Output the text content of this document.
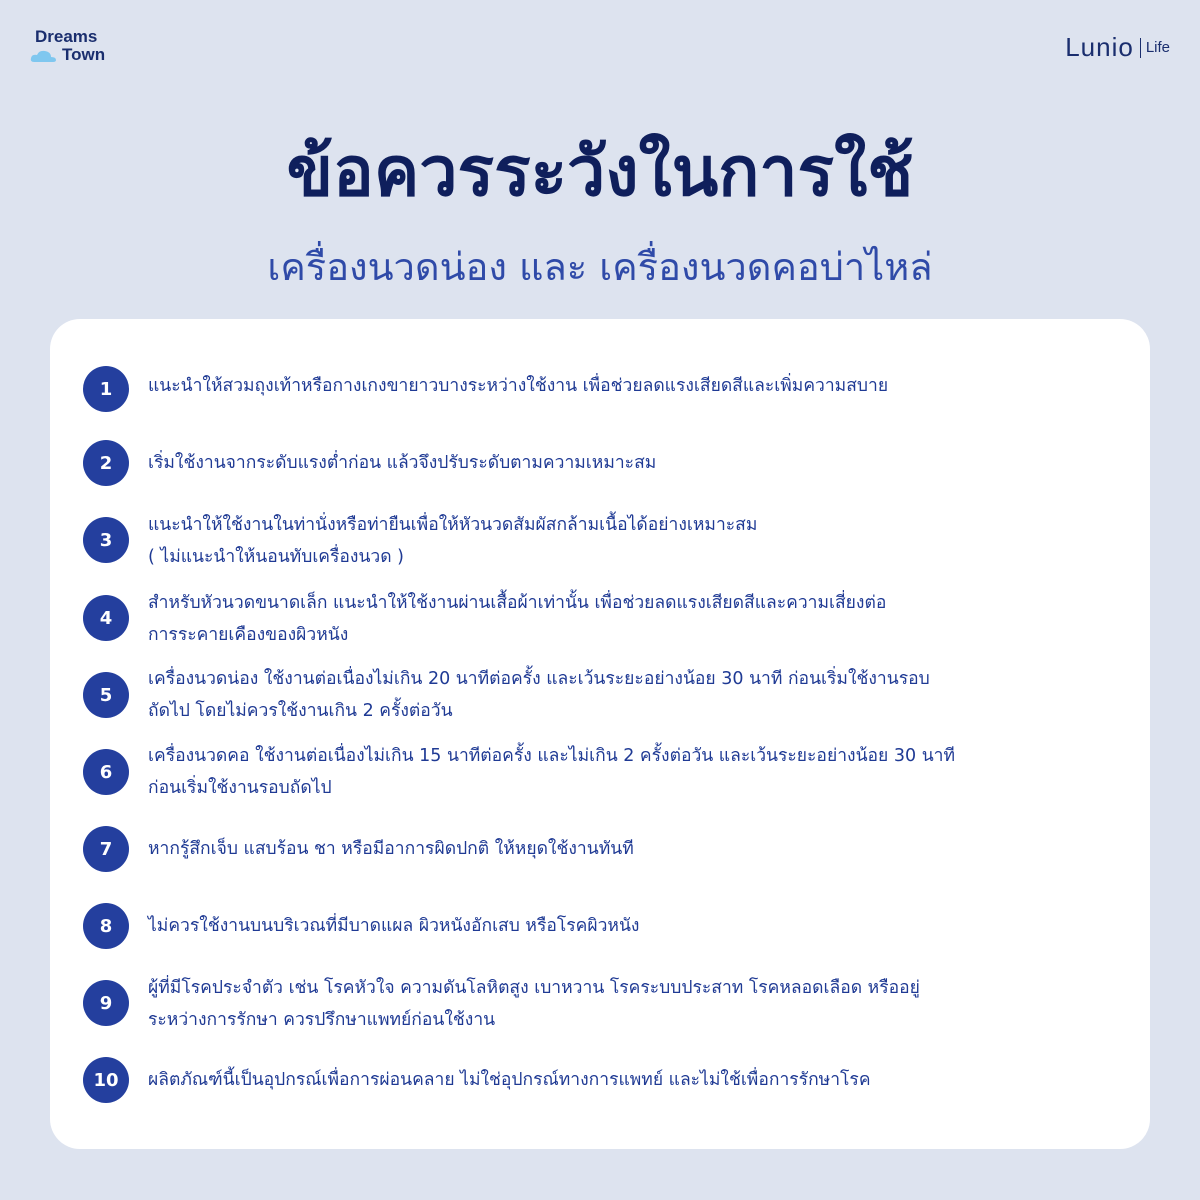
Dreams
Town	Lunio Life
ข้อควรระวังในการใช้
เครื่องนวดน่อง และ เครื่องนวดคอบ่าไหล่
1	แนะนำให้สวมถุงเท้าหรือกางเกงขายาวบางระหว่างใช้งาน เพื่อช่วยลดแรงเสียดสีและเพิ่มความสบาย
2	เริ่มใช้งานจากระดับแรงต่ำก่อน แล้วจึงปรับระดับตามความเหมาะสม
3
แนะนำให้ใช้งานในท่านั่งหรือท่ายืนเพื่อให้หัวนวดสัมผัสกล้ามเนื้อได้อย่างเหมาะสม
( ไม่แนะนำให้นอนทับเครื่องนวด )
4
สำหรับหัวนวดขนาดเล็ก แนะนำให้ใช้งานผ่านเสื้อผ้าเท่านั้น เพื่อช่วยลดแรงเสียดสีและความเสี่ยงต่อ
การระคายเคืองของผิวหนัง
5
เครื่องนวดน่อง ใช้งานต่อเนื่องไม่เกิน 20 นาทีต่อครั้ง และเว้นระยะอย่างน้อย 30 นาที ก่อนเริ่มใช้งานรอบ
ถัดไป โดยไม่ควรใช้งานเกิน 2 ครั้งต่อวัน
6
เครื่องนวดคอ ใช้งานต่อเนื่องไม่เกิน 15 นาทีต่อครั้ง และไม่เกิน 2 ครั้งต่อวัน และเว้นระยะอย่างน้อย 30 นาที
ก่อนเริ่มใช้งานรอบถัดไป
7	หากรู้สึกเจ็บ แสบร้อน ชา หรือมีอาการผิดปกติ ให้หยุดใช้งานทันที
8	ไม่ควรใช้งานบนบริเวณที่มีบาดแผล ผิวหนังอักเสบ หรือโรคผิวหนัง
9
ผู้ที่มีโรคประจำตัว เช่น โรคหัวใจ ความดันโลหิตสูง เบาหวาน โรคระบบประสาท โรคหลอดเลือด หรืออยู่
ระหว่างการรักษา ควรปรึกษาแพทย์ก่อนใช้งาน
10	ผลิตภัณฑ์นี้เป็นอุปกรณ์เพื่อการผ่อนคลาย ไม่ใช่อุปกรณ์ทางการแพทย์ และไม่ใช้เพื่อการรักษาโรค
